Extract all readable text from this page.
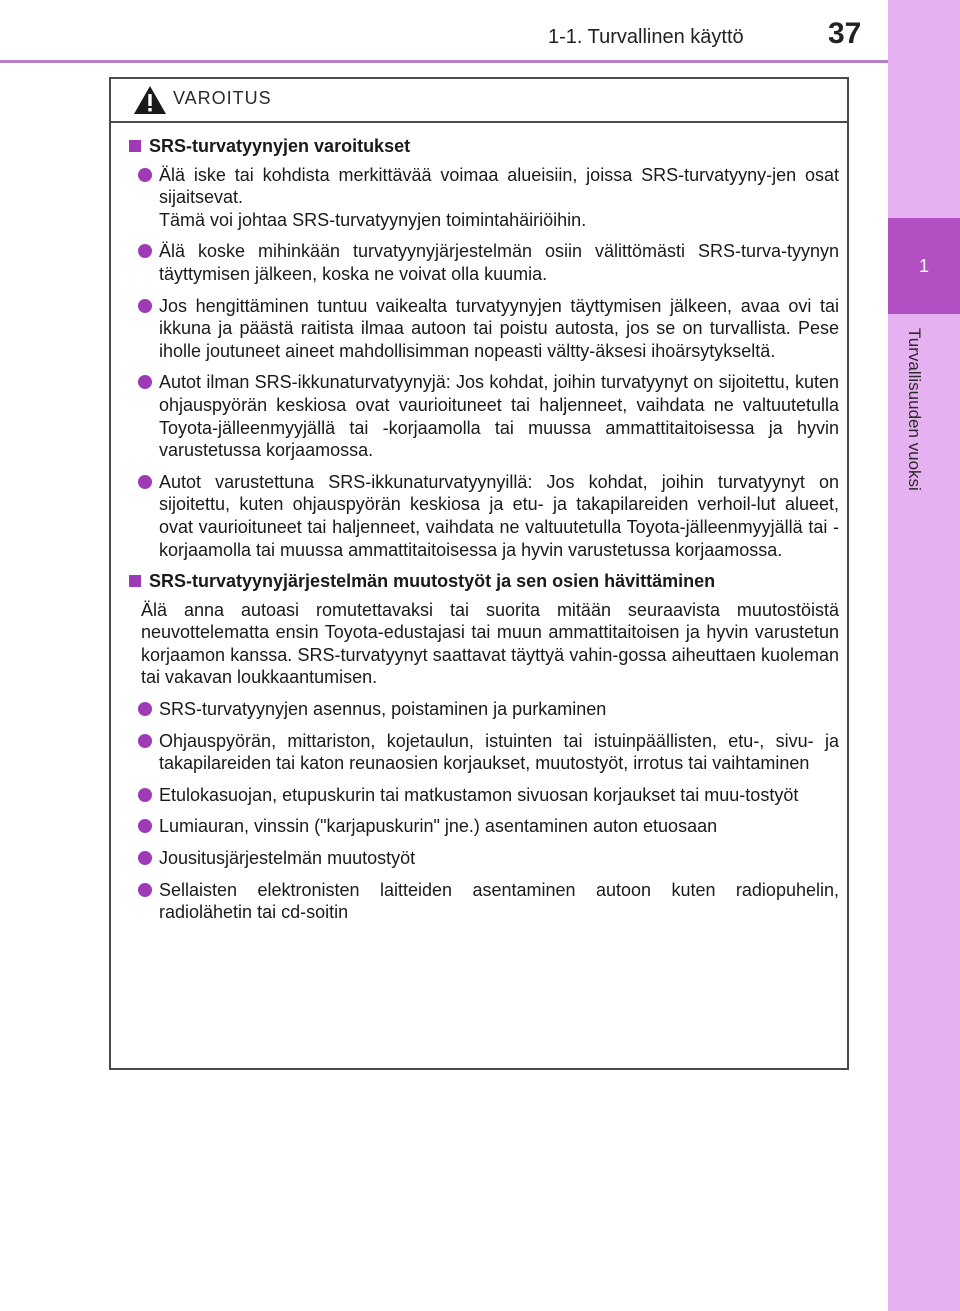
1-1. Turvallinen käyttö	37
1
Turvallisuuden vuoksi
VAROITUS
SRS-turvatyynyjen varoitukset
Älä iske tai kohdista merkittävää voimaa alueisiin, joissa SRS-turvatyyny-jen osat sijaitsevat.
Tämä voi johtaa SRS-turvatyynyjen toimintahäiriöihin.
Älä koske mihinkään turvatyynyjärjestelmän osiin välittömästi SRS-turva-tyynyn täyttymisen jälkeen, koska ne voivat olla kuumia.
Jos hengittäminen tuntuu vaikealta turvatyynyjen täyttymisen jälkeen, avaa ovi tai ikkuna ja päästä raitista ilmaa autoon tai poistu autosta, jos se on turvallista. Pese iholle joutuneet aineet mahdollisimman nopeasti vältty-äksesi ihoärsytykseltä.
Autot ilman SRS-ikkunaturvatyynyjä: Jos kohdat, joihin turvatyynyt on sijoitettu, kuten ohjauspyörän keskiosa ovat vaurioituneet tai haljenneet, vaihdata ne valtuutetulla Toyota-jälleenmyyjällä tai -korjaamolla tai muussa ammattitaitoisessa ja hyvin varustetussa korjaamossa.
Autot varustettuna SRS-ikkunaturvatyynyillä: Jos kohdat, joihin turvatyynyt on sijoitettu, kuten ohjauspyörän keskiosa ja etu- ja takapilareiden verhoil-lut alueet, ovat vaurioituneet tai haljenneet, vaihdata ne valtuutetulla Toyota-jälleenmyyjällä tai -korjaamolla tai muussa ammattitaitoisessa ja hyvin varustetussa korjaamossa.
SRS-turvatyynyjärjestelmän muutostyöt ja sen osien hävittäminen
Älä anna autoasi romutettavaksi tai suorita mitään seuraavista muutostöistä neuvottelematta ensin Toyota-edustajasi tai muun ammattitaitoisen ja hyvin varustetun korjaamon kanssa. SRS-turvatyynyt saattavat täyttyä vahin-gossa aiheuttaen kuoleman tai vakavan loukkaantumisen.
SRS-turvatyynyjen asennus, poistaminen ja purkaminen
Ohjauspyörän, mittariston, kojetaulun, istuinten tai istuinpäällisten, etu-, sivu- ja takapilareiden tai katon reunaosien korjaukset, muutostyöt, irrotus tai vaihtaminen
Etulokasuojan, etupuskurin tai matkustamon sivuosan korjaukset tai muu-tostyöt
Lumiauran, vinssin ("karjapuskurin" jne.) asentaminen auton etuosaan
Jousitusjärjestelmän muutostyöt
Sellaisten elektronisten laitteiden asentaminen autoon kuten radiopuhelin, radiolähetin tai cd-soitin
